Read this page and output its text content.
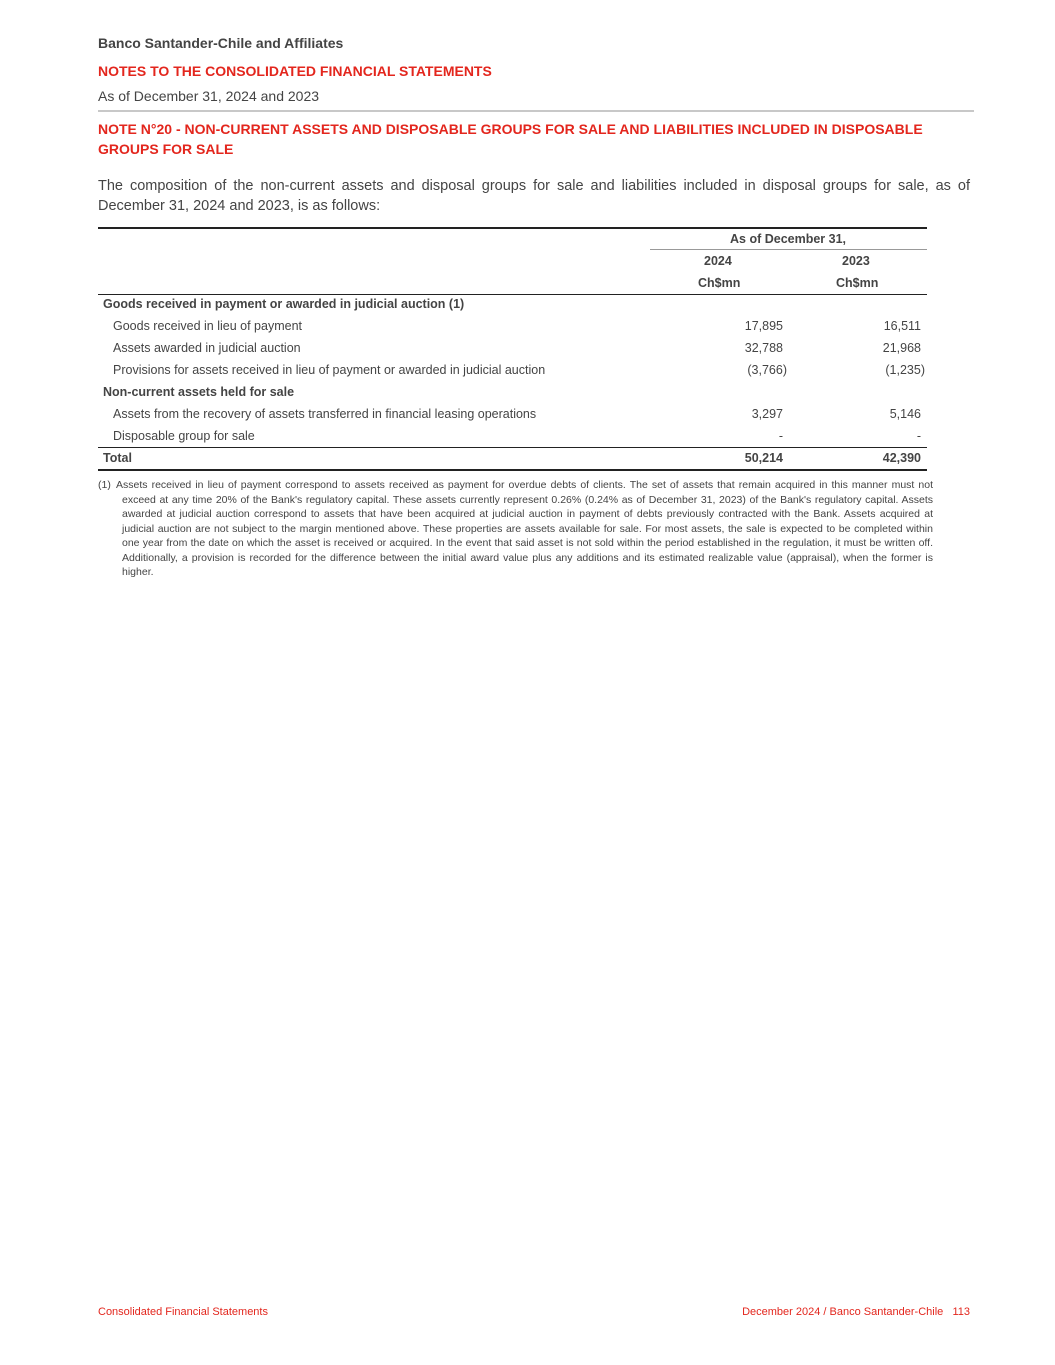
Banco Santander-Chile and Affiliates
NOTES TO THE CONSOLIDATED FINANCIAL STATEMENTS
As of December 31, 2024 and 2023
NOTE N°20 - NON-CURRENT ASSETS AND DISPOSABLE GROUPS FOR SALE AND LIABILITIES INCLUDED IN DISPOSABLE GROUPS FOR SALE
The composition of the non-current assets and disposal groups for sale and liabilities included in disposal groups for sale, as of December 31, 2024 and 2023, is as follows:
As of December 31,
2024	2023
Ch$mn	Ch$mn
Goods received in payment or awarded in judicial auction (1)
Goods received in lieu of payment	17,895	16,511
Assets awarded in judicial auction	32,788	21,968
Provisions for assets received in lieu of payment or awarded in judicial auction	(3,766)	(1,235)
Non-current assets held for sale
Assets from the recovery of assets transferred in financial leasing operations	3,297	5,146
Disposable group for sale	-	-
Total	50,214	42,390
(1) Assets received in lieu of payment correspond to assets received as payment for overdue debts of clients. The set of assets that remain acquired in this manner must not exceed at any time 20% of the Bank's regulatory capital. These assets currently represent 0.26% (0.24% as of December 31, 2023) of the Bank's regulatory capital. Assets awarded at judicial auction correspond to assets that have been acquired at judicial auction in payment of debts previously contracted with the Bank. Assets acquired at judicial auction are not subject to the margin mentioned above. These properties are assets available for sale. For most assets, the sale is expected to be completed within one year from the date on which the asset is received or acquired. In the event that said asset is not sold within the period established in the regulation, it must be written off. Additionally, a provision is recorded for the difference between the initial award value plus any additions and its estimated realizable value (appraisal), when the former is higher.
Consolidated Financial Statements	December 2024 / Banco Santander-Chile 113
